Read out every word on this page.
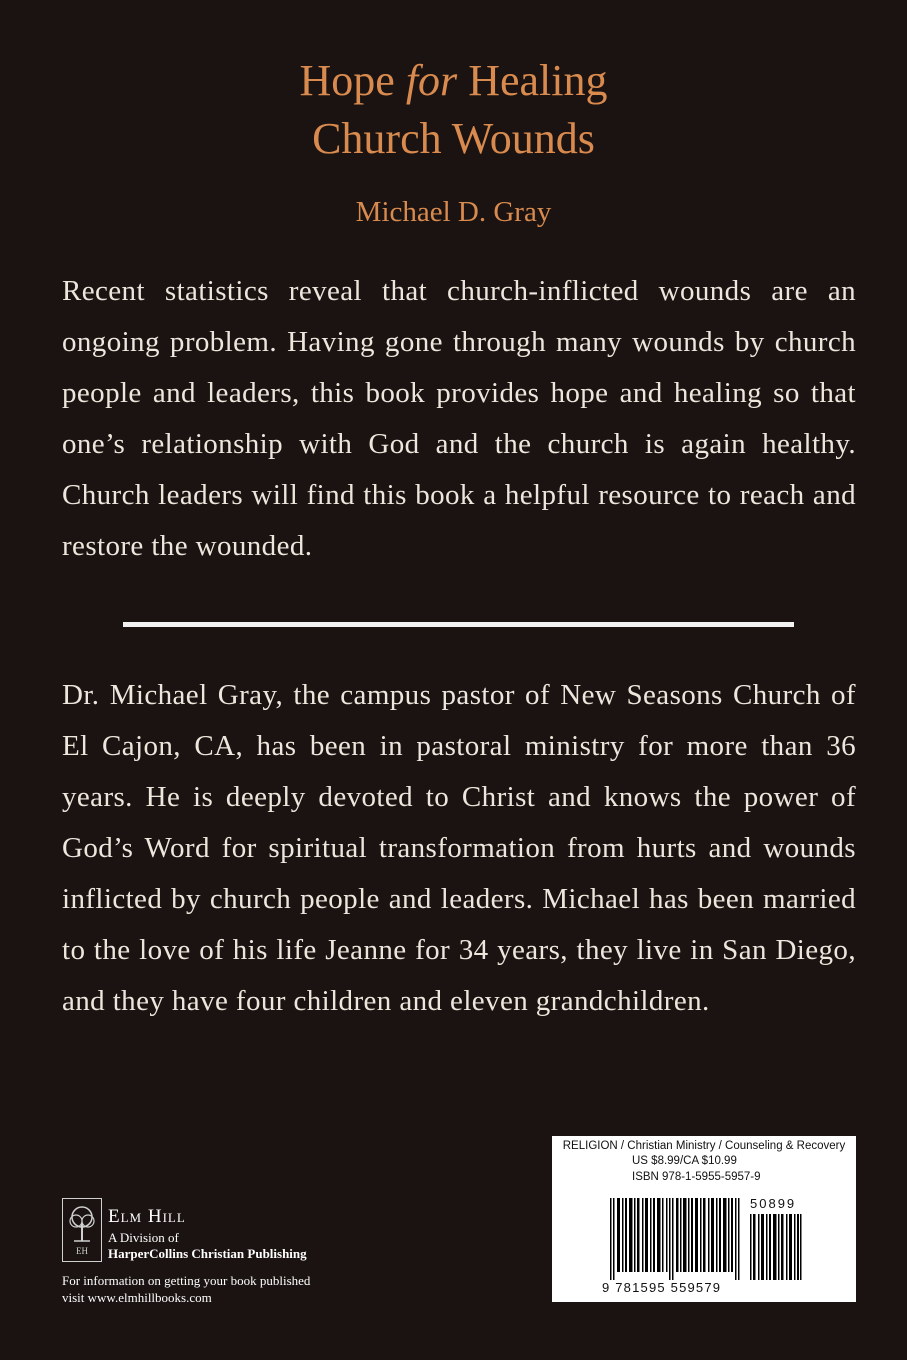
Hope for Healing
Church Wounds
Michael D. Gray
Recent statistics reveal that church-inflicted wounds are an ongoing problem. Having gone through many wounds by church people and leaders, this book provides hope and healing so that one’s relationship with God and the church is again healthy. Church leaders will find this book a helpful resource to reach and restore the wounded.
Dr. Michael Gray, the campus pastor of New Seasons Church of El Cajon, CA, has been in pastoral ministry for more than 36 years. He is deeply devoted to Christ and knows the power of God’s Word for spiritual transformation from hurts and wounds inflicted by church people and leaders. Michael has been married to the love of his life Jeanne for 34 years, they live in San Diego, and they have four children and eleven grandchildren.
EH
Elm Hill
A Division of
HarperCollins Christian Publishing
For information on getting your book published
visit www.elmhillbooks.com
RELIGION / Christian Ministry / Counseling & Recovery
US $8.99/CA $10.99
ISBN 978-1-5955-5957-9
50899
9 781595 559579
